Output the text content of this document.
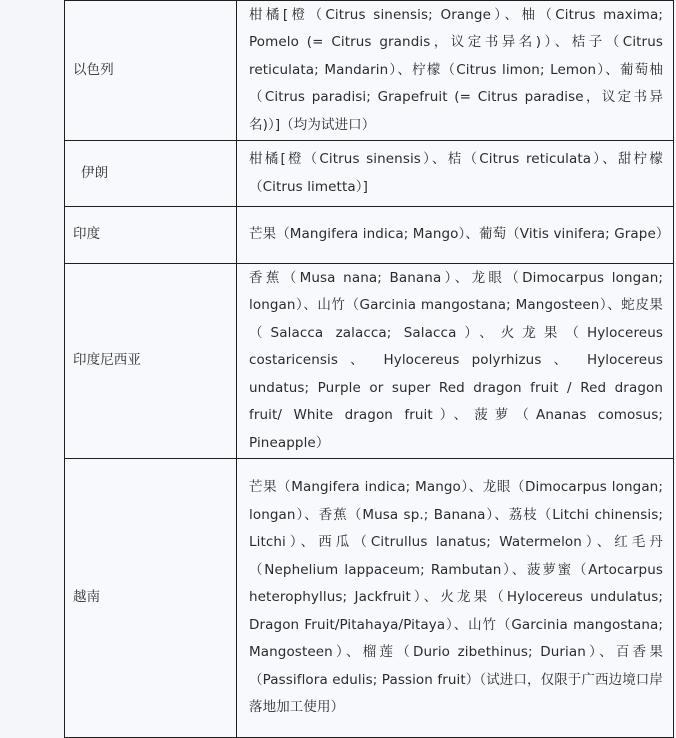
以色列	柑橘[橙（Citrus sinensis; Orange）、柚（Citrus maxima; Pomelo (= Citrus grandis，议定书异名)）、桔子（Citrus reticulata; Mandarin）、柠檬（Citrus limon; Lemon）、葡萄柚（Citrus paradisi; Grapefruit (= Citrus paradise，议定书异名)）]（均为试进口）
伊朗	柑橘[橙（Citrus sinensis）、桔（Citrus reticulata）、甜柠檬（Citrus limetta）]

印度	芒果（Mangifera indica; Mango）、葡萄（Vitis vinifera; Grape）
印度尼西亚	香蕉（Musa nana; Banana）、龙眼（Dimocarpus longan; longan）、山竹（Garcinia mangostana; Mangosteen）、蛇皮果（Salacca zalacca; Salacca）、火龙果（Hylocereus costaricensis 、 Hylocereus polyrhizus 、 Hylocereus undatus; Purple or super Red dragon fruit / Red dragon fruit/ White dragon fruit）、菠萝（Ananas comosus; Pineapple）
越南	芒果（Mangifera indica; Mango）、龙眼（Dimocarpus longan; longan）、香蕉（Musa sp.; Banana）、荔枝（Litchi chinensis; Litchi）、西瓜（Citrullus lanatus; Watermelon）、红毛丹（Nephelium lappaceum; Rambutan）、菠萝蜜（Artocarpus heterophyllus; Jackfruit）、火龙果（Hylocereus undulatus; Dragon Fruit/Pitahaya/Pitaya）、山竹（Garcinia mangostana; Mangosteen）、榴莲（Durio zibethinus; Durian）、百香果（Passiflora edulis; Passion fruit）（试进口，仅限于广西边境口岸落地加工使用）
